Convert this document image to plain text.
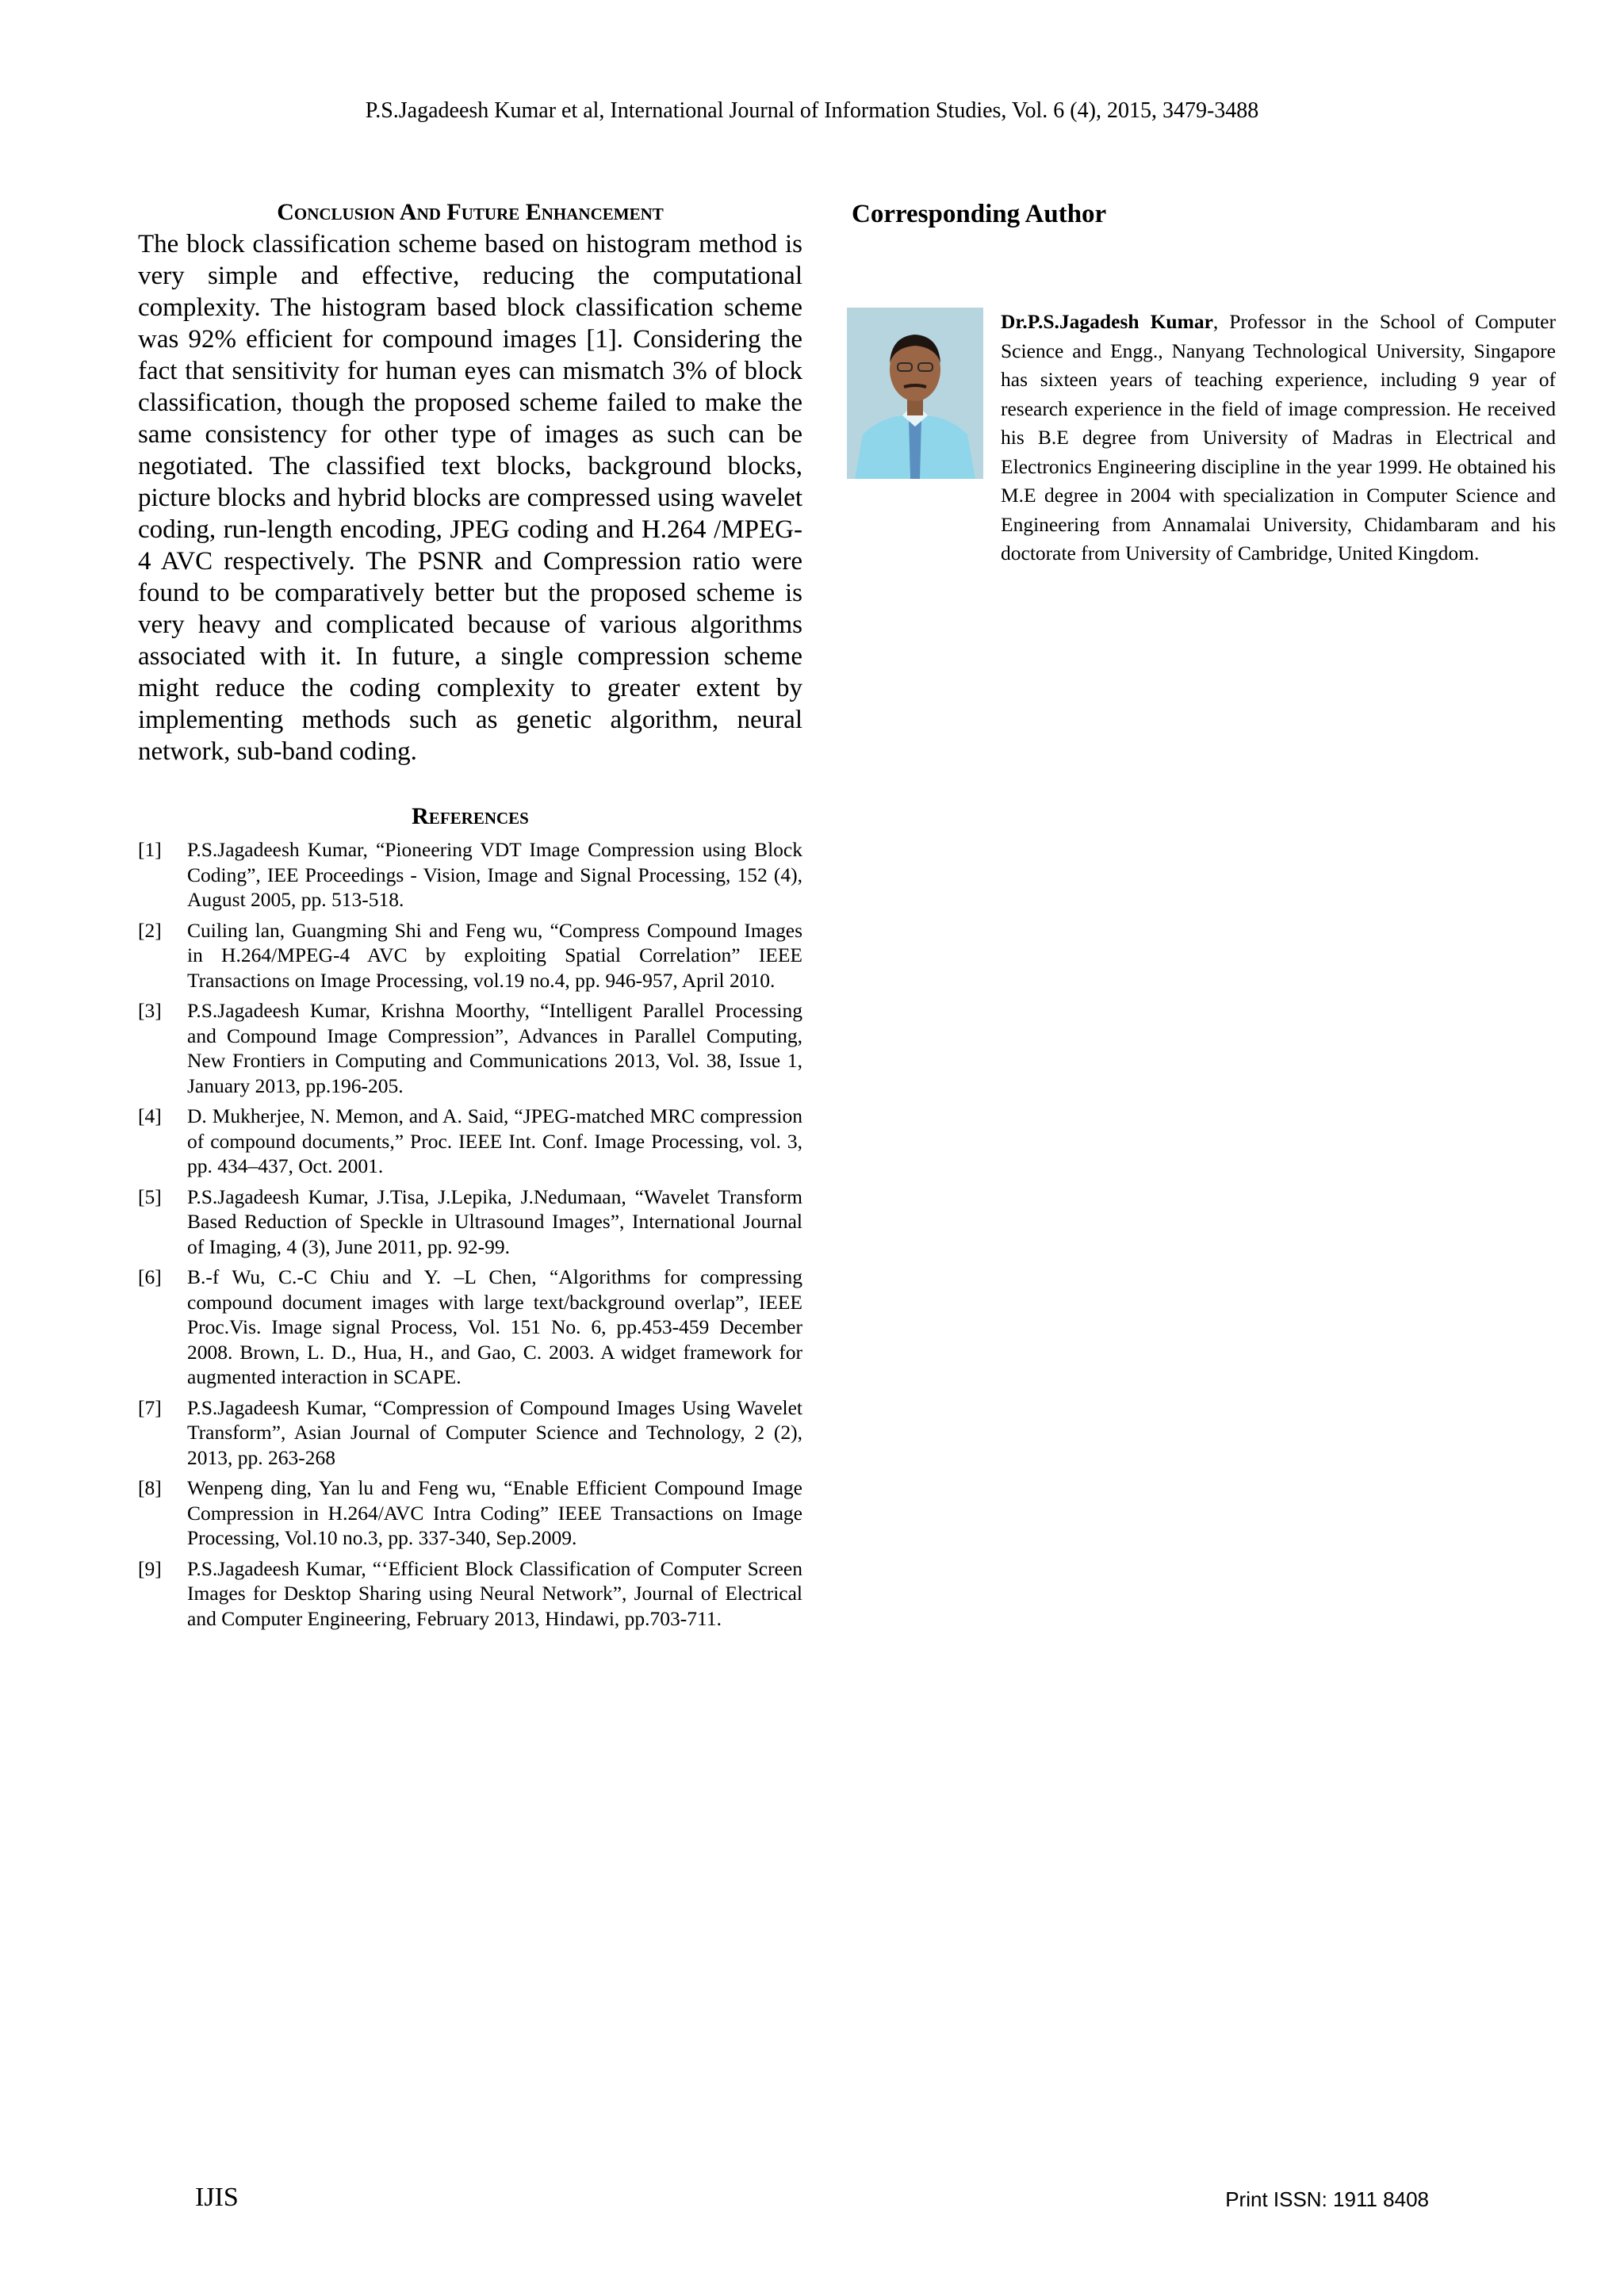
P.S.Jagadeesh Kumar et al, International Journal of Information Studies, Vol. 6 (4), 2015, 3479-3488
Conclusion And Future Enhancement

The block classification scheme based on histogram method is very simple and effective, reducing the computational complexity. The histogram based block classification scheme was 92% efficient for compound images [1]. Considering the fact that sensitivity for human eyes can mismatch 3% of block classification, though the proposed scheme failed to make the same consistency for other type of images as such can be negotiated. The classified text blocks, background blocks, picture blocks and hybrid blocks are compressed using wavelet coding, run-length encoding, JPEG coding and H.264 /MPEG-4 AVC respectively. The PSNR and Compression ratio were found to be comparatively better but the proposed scheme is very heavy and complicated because of various algorithms associated with it. In future, a single compression scheme might reduce the coding complexity to greater extent by implementing methods such as genetic algorithm, neural network, sub-band coding.

References
[1]	P.S.Jagadeesh Kumar, “Pioneering VDT Image Compression using Block Coding”, IEE Proceedings - Vision, Image and Signal Processing, 152 (4), August 2005, pp. 513-518.
[2]	Cuiling lan, Guangming Shi and Feng wu, “Compress Compound Images in H.264/MPEG-4 AVC by exploiting Spatial Correlation” IEEE Transactions on Image Processing, vol.19 no.4, pp. 946-957, April 2010.
[3]	P.S.Jagadeesh Kumar, Krishna Moorthy, “Intelligent Parallel Processing and Compound Image Compression”, Advances in Parallel Computing, New Frontiers in Computing and Communications 2013, Vol. 38, Issue 1, January 2013, pp.196-205.
[4]	D. Mukherjee, N. Memon, and A. Said, “JPEG-matched MRC compression of compound documents,” Proc. IEEE Int. Conf. Image Processing, vol. 3, pp. 434–437, Oct. 2001.
[5]	P.S.Jagadeesh Kumar, J.Tisa, J.Lepika, J.Nedumaan, “Wavelet Transform Based Reduction of Speckle in Ultrasound Images”, International Journal of Imaging, 4 (3), June 2011, pp. 92-99.
[6]	B.-f Wu, C.-C Chiu and Y. –L Chen, “Algorithms for compressing compound document images with large text/background overlap”, IEEE Proc.Vis. Image signal Process, Vol. 151 No. 6, pp.453-459 December 2008. Brown, L. D., Hua, H., and Gao, C. 2003. A widget framework for augmented interaction in SCAPE.
[7]	P.S.Jagadeesh Kumar, “Compression of Compound Images Using Wavelet Transform”, Asian Journal of Computer Science and Technology, 2 (2), 2013, pp. 263-268
[8]	Wenpeng ding, Yan lu and Feng wu, “Enable Efficient Compound Image Compression in H.264/AVC Intra Coding” IEEE Transactions on Image Processing, Vol.10 no.3, pp. 337-340, Sep.2009.
[9]	P.S.Jagadeesh Kumar, “‘Efficient Block Classification of Computer Screen Images for Desktop Sharing using Neural Network”, Journal of Electrical and Computer Engineering, February 2013, Hindawi, pp.703-711.
Corresponding Author

Dr.P.S.Jagadesh Kumar, Professor in the School of Computer Science and Engg., Nanyang Technological University, Singapore has sixteen years of teaching experience, including 9 year of research experience in the field of image compression. He received his B.E degree from University of Madras in Electrical and Electronics Engineering discipline in the year 1999. He obtained his M.E degree in 2004 with specialization in Computer Science and Engineering from Annamalai University, Chidambaram and his doctorate from University of Cambridge, United Kingdom.

IJIS	Print ISSN: 1911 8408
